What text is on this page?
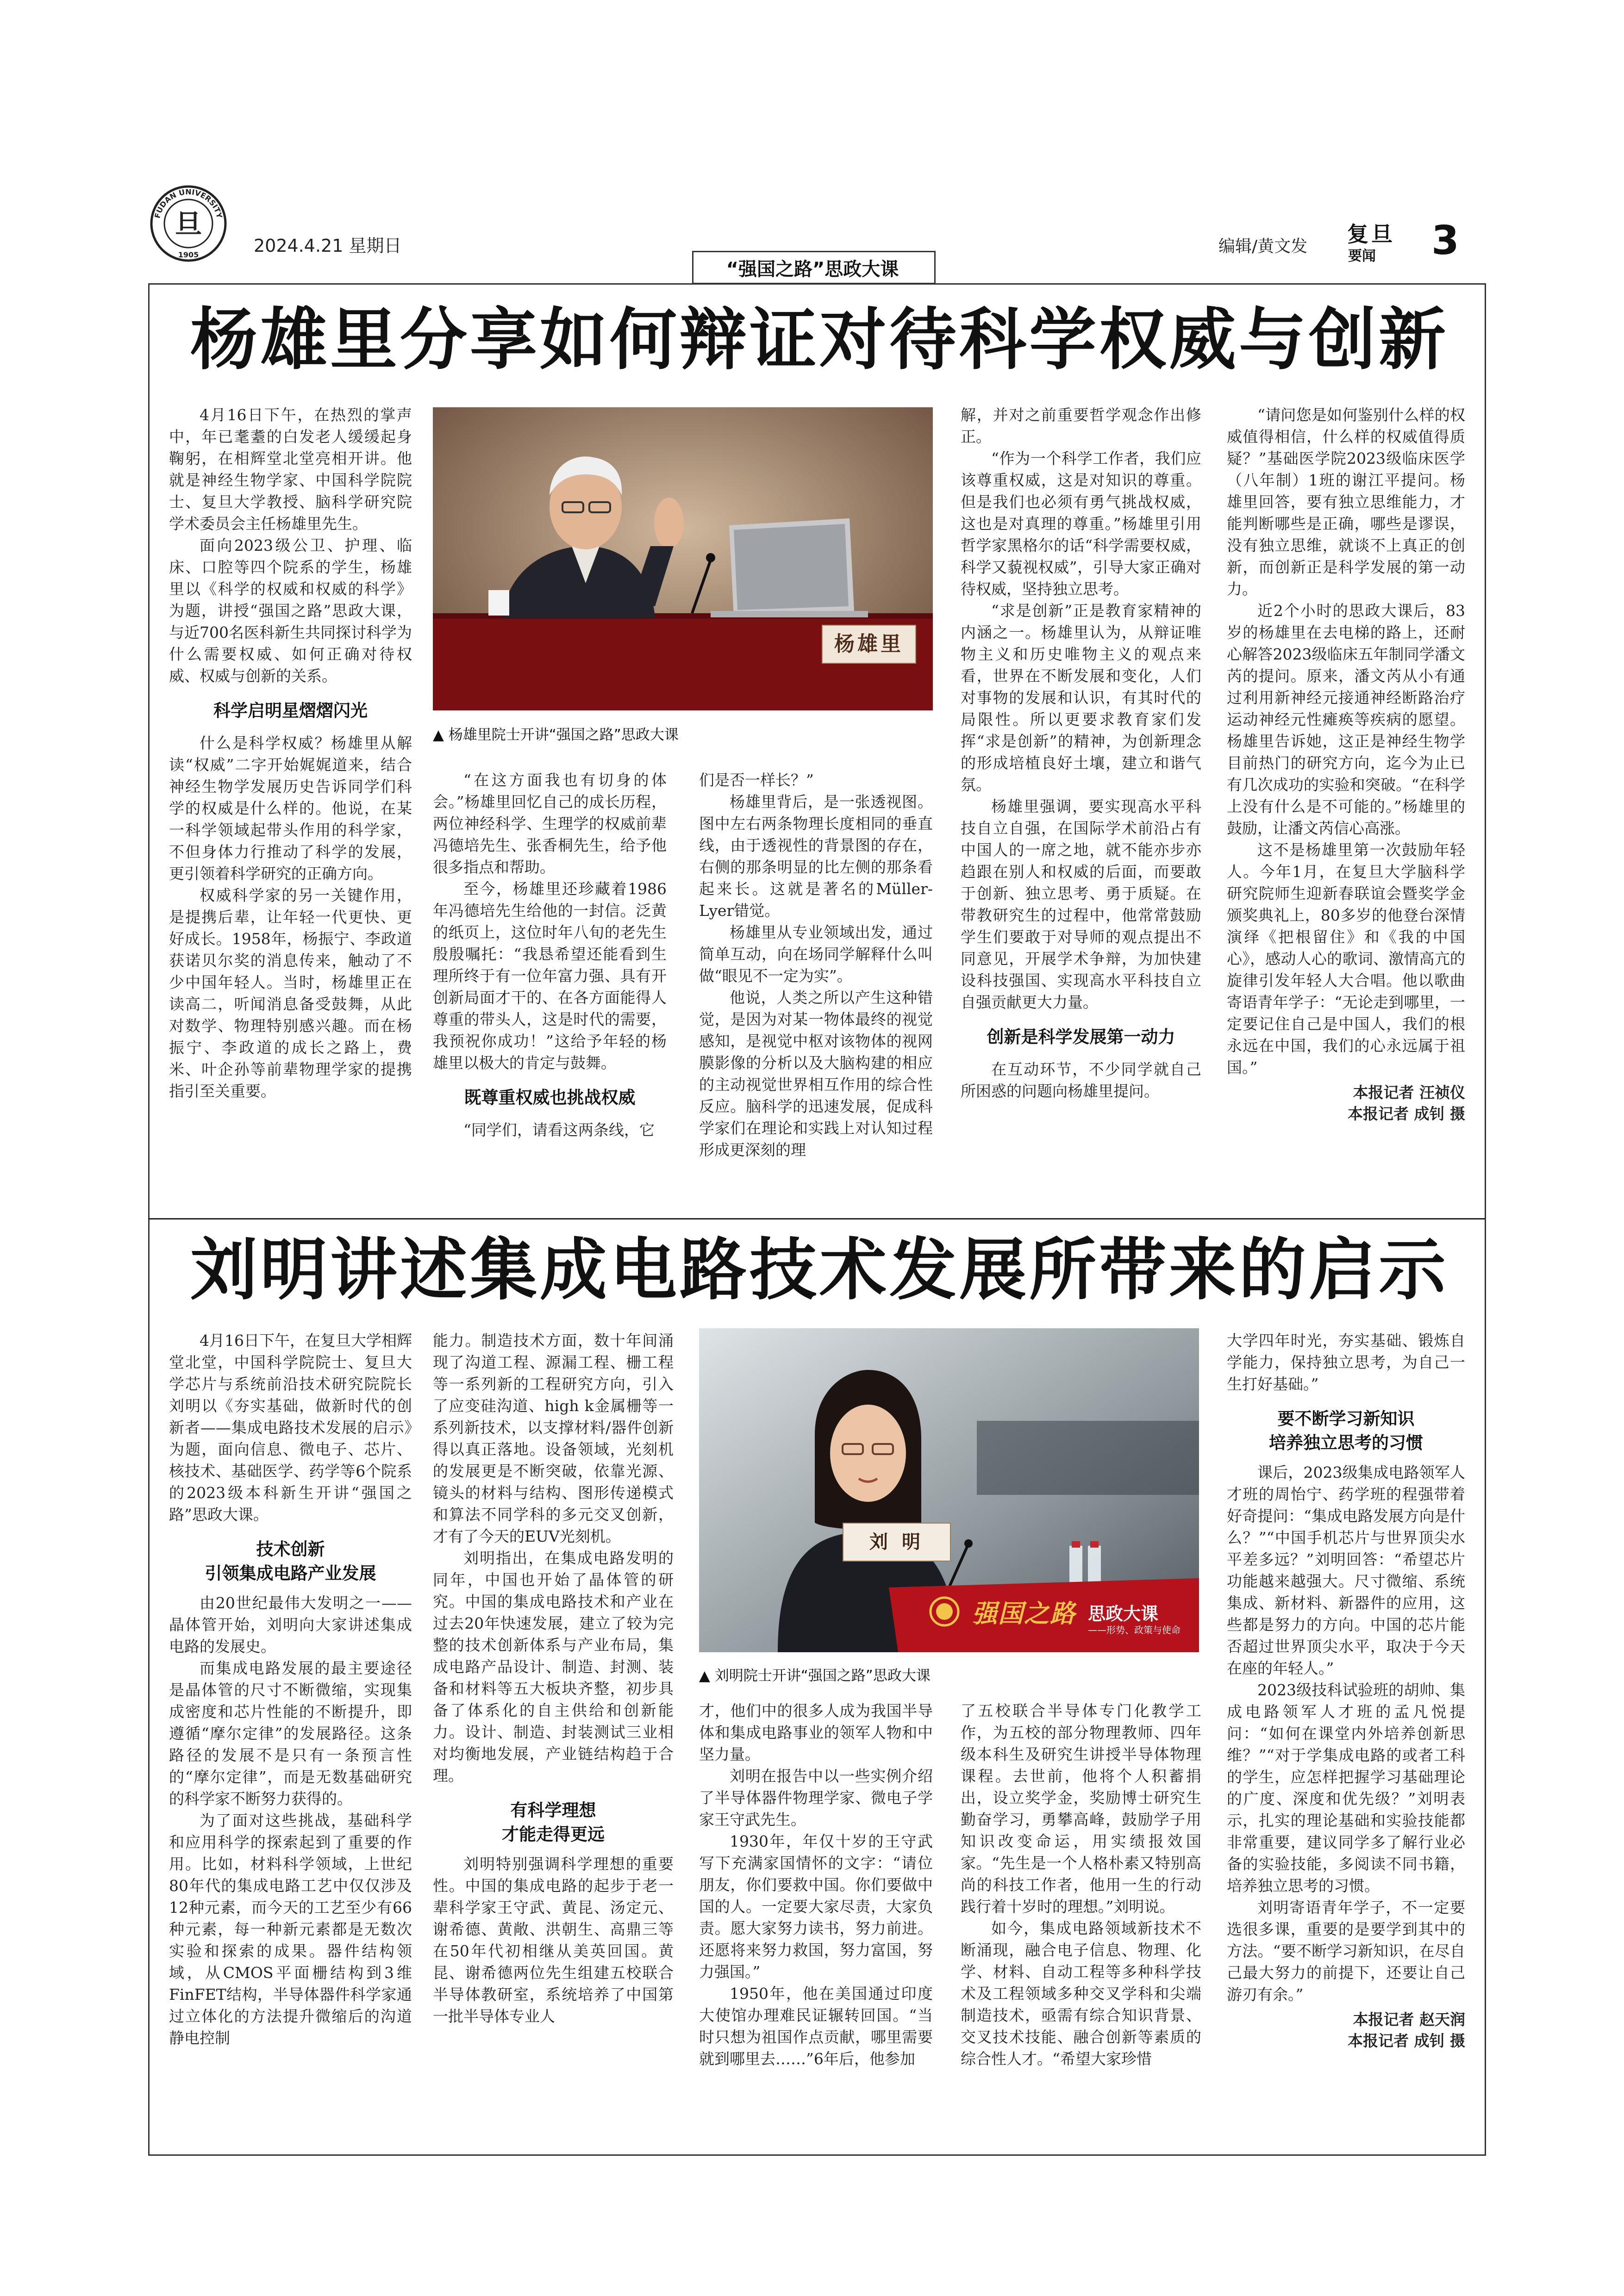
FUDAN UNIVERSITY
1905
旦
2024.4.21 星期日
“强国之路”思政大课
编辑/黄文发 复旦
要闻 3
杨雄里分享如何辩证对待科学权威与创新
杨雄里
▲ 杨雄里院士开讲“强国之路”思政大课

4月16日下午，在热烈的掌声中，年已耄耋的白发老人缓缓起身鞠躬，在相辉堂北堂亮相开讲。他就是神经生物学家、中国科学院院士、复旦大学教授、脑科学研究院学术委员会主任杨雄里先生。

面向2023级公卫、护理、临床、口腔等四个院系的学生，杨雄里以《科学的权威和权威的科学》为题，讲授“强国之路”思政大课，与近700名医科新生共同探讨科学为什么需要权威、如何正确对待权威、权威与创新的关系。

科学启明星熠熠闪光

什么是科学权威？杨雄里从解读“权威”二字开始娓娓道来，结合神经生物学发展历史告诉同学们科学的权威是什么样的。他说，在某一科学领域起带头作用的科学家，不但身体力行推动了科学的发展，更引领着科学研究的正确方向。

权威科学家的另一关键作用，是提携后辈，让年轻一代更快、更好成长。1958年，杨振宁、李政道获诺贝尔奖的消息传来，触动了不少中国年轻人。当时，杨雄里正在读高二，听闻消息备受鼓舞，从此对数学、物理特别感兴趣。而在杨振宁、李政道的成长之路上，费米、叶企孙等前辈物理学家的提携指引至关重要。

“在这方面我也有切身的体会。”杨雄里回忆自己的成长历程，两位神经科学、生理学的权威前辈冯德培先生、张香桐先生，给予他很多指点和帮助。

至今，杨雄里还珍藏着1986年冯德培先生给他的一封信。泛黄的纸页上，这位时年八旬的老先生殷殷嘱托：“我恳希望还能看到生理所终于有一位年富力强、具有开创新局面才干的、在各方面能得人尊重的带头人，这是时代的需要，我预祝你成功！”这给予年轻的杨雄里以极大的肯定与鼓舞。

既尊重权威也挑战权威

“同学们，请看这两条线，它

们是否一样长？”

杨雄里背后，是一张透视图。图中左右两条物理长度相同的垂直线，由于透视性的背景图的存在，右侧的那条明显的比左侧的那条看起来长。这就是著名的Müller-Lyer错觉。

杨雄里从专业领域出发，通过简单互动，向在场同学解释什么叫做“眼见不一定为实”。

他说，人类之所以产生这种错觉，是因为对某一物体最终的视觉感知，是视觉中枢对该物体的视网膜影像的分析以及大脑构建的相应的主动视觉世界相互作用的综合性反应。脑科学的迅速发展，促成科学家们在理论和实践上对认知过程形成更深刻的理

解，并对之前重要哲学观念作出修正。

“作为一个科学工作者，我们应该尊重权威，这是对知识的尊重。但是我们也必须有勇气挑战权威，这也是对真理的尊重。”杨雄里引用哲学家黑格尔的话“科学需要权威，科学又藐视权威”，引导大家正确对待权威，坚持独立思考。

“求是创新”正是教育家精神的内涵之一。杨雄里认为，从辩证唯物主义和历史唯物主义的观点来看，世界在不断发展和变化，人们对事物的发展和认识，有其时代的局限性。所以更要求教育家们发挥“求是创新”的精神，为创新理念的形成培植良好土壤，建立和谐气氛。

杨雄里强调，要实现高水平科技自立自强，在国际学术前沿占有中国人的一席之地，就不能亦步亦趋跟在别人和权威的后面，而要敢于创新、独立思考、勇于质疑。在带教研究生的过程中，他常常鼓励学生们要敢于对导师的观点提出不同意见，开展学术争辩，为加快建设科技强国、实现高水平科技自立自强贡献更大力量。

创新是科学发展第一动力

在互动环节，不少同学就自己所困惑的问题向杨雄里提问。

“请问您是如何鉴别什么样的权威值得相信，什么样的权威值得质疑？”基础医学院2023级临床医学（八年制）1班的谢江平提问。杨雄里回答，要有独立思维能力，才能判断哪些是正确，哪些是谬误，没有独立思维，就谈不上真正的创新，而创新正是科学发展的第一动力。

近2个小时的思政大课后，83岁的杨雄里在去电梯的路上，还耐心解答2023级临床五年制同学潘文芮的提问。原来，潘文芮从小有通过利用新神经元接通神经断路治疗运动神经元性瘫痪等疾病的愿望。杨雄里告诉她，这正是神经生物学目前热门的研究方向，迄今为止已有几次成功的实验和突破。“在科学上没有什么是不可能的。”杨雄里的鼓励，让潘文芮信心高涨。

这不是杨雄里第一次鼓励年轻人。今年1月，在复旦大学脑科学研究院师生迎新春联谊会暨奖学金颁奖典礼上，80多岁的他登台深情演绎《把根留住》和《我的中国心》，感动人心的歌词、激情高亢的旋律引发年轻人大合唱。他以歌曲寄语青年学子：“无论走到哪里，一定要记住自己是中国人，我们的根永远在中国，我们的心永远属于祖国。”

本报记者 汪祯仪
本报记者 成钊 摄
刘明讲述集成电路技术发展所带来的启示
刘 明
强国之路 思政大课
——形势、政策与使命
▲ 刘明院士开讲“强国之路”思政大课

4月16日下午，在复旦大学相辉堂北堂，中国科学院院士、复旦大学芯片与系统前沿技术研究院院长刘明以《夯实基础，做新时代的创新者——集成电路技术发展的启示》为题，面向信息、微电子、芯片、核技术、基础医学、药学等6个院系的2023级本科新生开讲“强国之路”思政大课。

技术创新
引领集成电路产业发展

由20世纪最伟大发明之一——晶体管开始，刘明向大家讲述集成电路的发展史。

而集成电路发展的最主要途径是晶体管的尺寸不断微缩，实现集成密度和芯片性能的不断提升，即遵循“摩尔定律”的发展路径。这条路径的发展不是只有一条预言性的“摩尔定律”，而是无数基础研究的科学家不断努力获得的。

为了面对这些挑战，基础科学和应用科学的探索起到了重要的作用。比如，材料科学领域，上世纪80年代的集成电路工艺中仅仅涉及12种元素，而今天的工艺至少有66种元素，每一种新元素都是无数次实验和探索的成果。器件结构领域，从CMOS平面栅结构到3维FinFET结构，半导体器件科学家通过立体化的方法提升微缩后的沟道静电控制

能力。制造技术方面，数十年间涌现了沟道工程、源漏工程、栅工程等一系列新的工程研究方向，引入了应变硅沟道、high k金属栅等一系列新技术，以支撑材料/器件创新得以真正落地。设备领域，光刻机的发展更是不断突破，依靠光源、镜头的材料与结构、图形传递模式和算法不同学科的多元交叉创新，才有了今天的EUV光刻机。

刘明指出，在集成电路发明的同年，中国也开始了晶体管的研究。中国的集成电路技术和产业在过去20年快速发展，建立了较为完整的技术创新体系与产业布局，集成电路产品设计、制造、封测、装备和材料等五大板块齐整，初步具备了体系化的自主供给和创新能力。设计、制造、封装测试三业相对均衡地发展，产业链结构趋于合理。

有科学理想
才能走得更远

刘明特别强调科学理想的重要性。中国的集成电路的起步于老一辈科学家王守武、黄昆、汤定元、谢希德、黄敞、洪朝生、高鼎三等在50年代初相继从美英回国。黄昆、谢希德两位先生组建五校联合半导体教研室，系统培养了中国第一批半导体专业人

才，他们中的很多人成为我国半导体和集成电路事业的领军人物和中坚力量。

刘明在报告中以一些实例介绍了半导体器件物理学家、微电子学家王守武先生。

1930年，年仅十岁的王守武写下充满家国情怀的文字：“请位朋友，你们要救中国。你们要做中国的人。一定要大家尽责，大家负责。愿大家努力读书，努力前进。还愿将来努力救国，努力富国，努力强国。”

1950年，他在美国通过印度大使馆办理难民证辗转回国。“当时只想为祖国作点贡献，哪里需要就到哪里去……”6年后，他参加

了五校联合半导体专门化教学工作，为五校的部分物理教师、四年级本科生及研究生讲授半导体物理课程。去世前，他将个人积蓄捐出，设立奖学金，奖励博士研究生勤奋学习，勇攀高峰，鼓励学子用知识改变命运，用实绩报效国家。“先生是一个人格朴素又特别高尚的科技工作者，他用一生的行动践行着十岁时的理想。”刘明说。

如今，集成电路领域新技术不断涌现，融合电子信息、物理、化学、材料、自动工程等多种科学技术及工程领域多种交叉学科和尖端制造技术，亟需有综合知识背景、交叉技术技能、融合创新等素质的综合性人才。“希望大家珍惜

大学四年时光，夯实基础、锻炼自学能力，保持独立思考，为自己一生打好基础。”

要不断学习新知识
培养独立思考的习惯

课后，2023级集成电路领军人才班的周怡宁、药学班的程强带着好奇提问：“集成电路发展方向是什么？”“中国手机芯片与世界顶尖水平差多远？”刘明回答：“希望芯片功能越来越强大。尺寸微缩、系统集成、新材料、新器件的应用，这些都是努力的方向。中国的芯片能否超过世界顶尖水平，取决于今天在座的年轻人。”

2023级技科试验班的胡帅、集成电路领军人才班的孟凡悦提问：“如何在课堂内外培养创新思维？”“对于学集成电路的或者工科的学生，应怎样把握学习基础理论的广度、深度和优先级？”刘明表示，扎实的理论基础和实验技能都非常重要，建议同学多了解行业必备的实验技能，多阅读不同书籍，培养独立思考的习惯。

刘明寄语青年学子，不一定要选很多课，重要的是要学到其中的方法。“要不断学习新知识，在尽自己最大努力的前提下，还要让自己游刃有余。”

本报记者 赵天润
本报记者 成钊 摄
